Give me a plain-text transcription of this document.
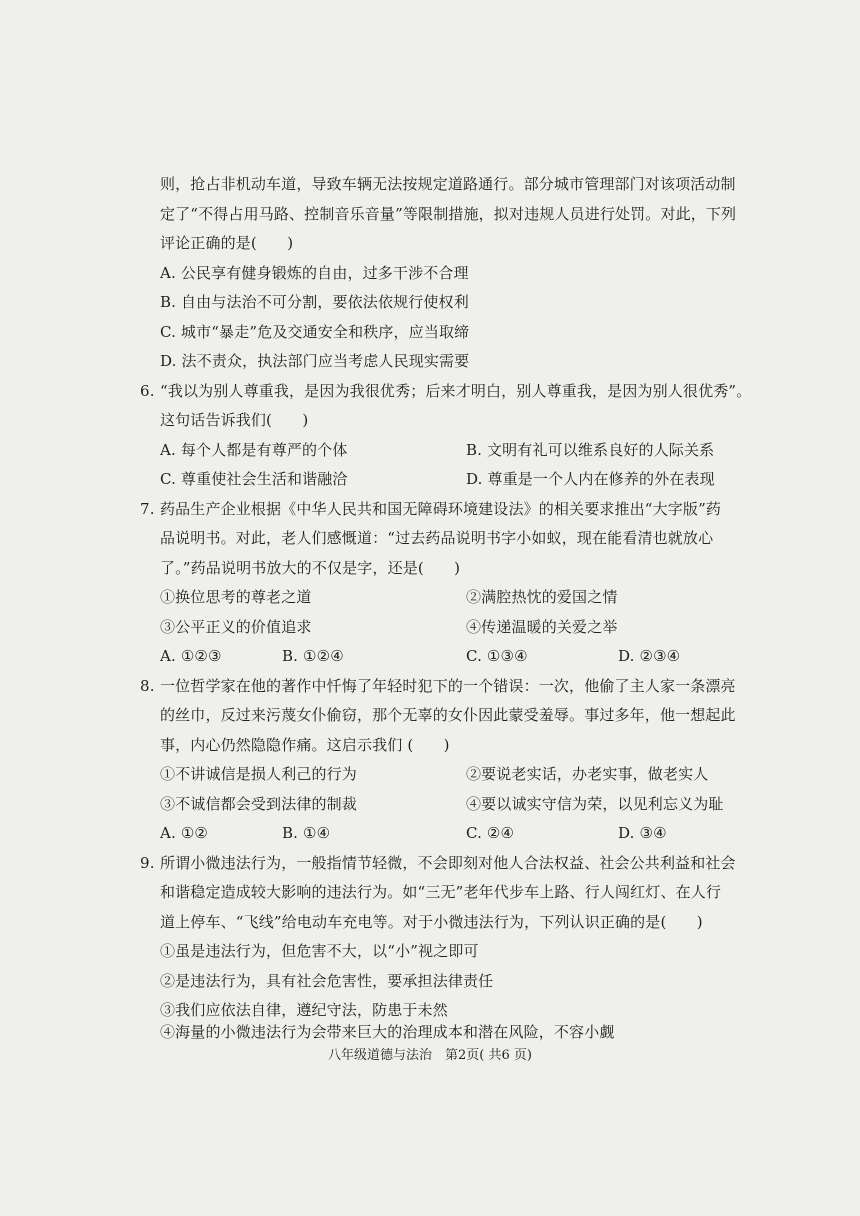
则，抢占非机动车道，导致车辆无法按规定道路通行。部分城市管理部门对该项活动制
定了“不得占用马路、控制音乐音量”等限制措施，拟对违规人员进行处罚。对此，下列
评论正确的是(　　)
A. 公民享有健身锻炼的自由，过多干涉不合理
B. 自由与法治不可分割，要依法依规行使权利
C. 城市“暴走”危及交通安全和秩序，应当取缔
D. 法不责众，执法部门应当考虑人民现实需要
6. “我以为别人尊重我，是因为我很优秀；后来才明白，别人尊重我，是因为别人很优秀”。
这句话告诉我们(　　)
A. 每个人都是有尊严的个体	B. 文明有礼可以维系良好的人际关系
C. 尊重使社会生活和谐融洽	D. 尊重是一个人内在修养的外在表现
7. 药品生产企业根据《中华人民共和国无障碍环境建设法》的相关要求推出“大字版”药
品说明书。对此，老人们感慨道：“过去药品说明书字小如蚁，现在能看清也就放心
了。”药品说明书放大的不仅是字，还是(　　)
①换位思考的尊老之道	②满腔热忱的爱国之情
③公平正义的价值追求	④传递温暖的关爱之举
A. ①②③	B. ①②④	C. ①③④	D. ②③④
8. 一位哲学家在他的著作中忏悔了年轻时犯下的一个错误：一次，他偷了主人家一条漂亮
的丝巾，反过来污蔑女仆偷窃，那个无辜的女仆因此蒙受羞辱。事过多年，他一想起此
事，内心仍然隐隐作痛。这启示我们 (　　)
①不讲诚信是损人利己的行为	②要说老实话，办老实事，做老实人
③不诚信都会受到法律的制裁	④要以诚实守信为荣，以见利忘义为耻
A. ①②	B. ①④	C. ②④	D. ③④
9. 所谓小微违法行为，一般指情节轻微，不会即刻对他人合法权益、社会公共利益和社会
和谐稳定造成较大影响的违法行为。如“三无”老年代步车上路、行人闯红灯、在人行
道上停车、“飞线”给电动车充电等。对于小微违法行为，下列认识正确的是(　　)
①虽是违法行为，但危害不大，以“小”视之即可
②是违法行为，具有社会危害性，要承担法律责任
③我们应依法自律，遵纪守法，防患于未然
④海量的小微违法行为会带来巨大的治理成本和潜在风险，不容小觑
八年级道德与法治　第2页( 共6 页)
